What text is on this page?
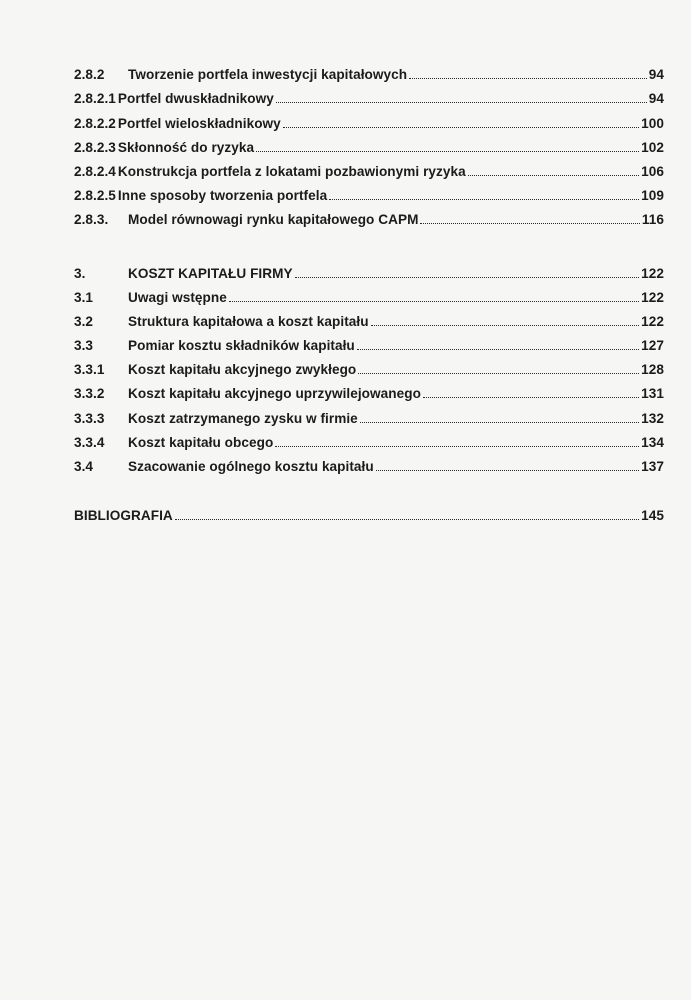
2.8.2	Tworzenie portfela inwestycji kapitałowych	94
2.8.2.1 Portfel dwuskładnikowy	94
2.8.2.2 Portfel wieloskładnikowy	100
2.8.2.3 Skłonność do ryzyka	102
2.8.2.4 Konstrukcja portfela z lokatami pozbawionymi ryzyka	106
2.8.2.5 Inne sposoby tworzenia portfela	109
2.8.3.	Model równowagi rynku kapitałowego CAPM	116
3.	KOSZT KAPITAŁU FIRMY	122
3.1	Uwagi wstępne	122
3.2	Struktura kapitałowa a koszt kapitału	122
3.3	Pomiar kosztu składników kapitału	127
3.3.1	Koszt kapitału akcyjnego zwykłego	128
3.3.2	Koszt kapitału akcyjnego uprzywilejowanego	131
3.3.3	Koszt zatrzymanego zysku w firmie	132
3.3.4	Koszt kapitału obcego	134
3.4	Szacowanie ogólnego kosztu kapitału	137
BIBLIOGRAFIA	145
